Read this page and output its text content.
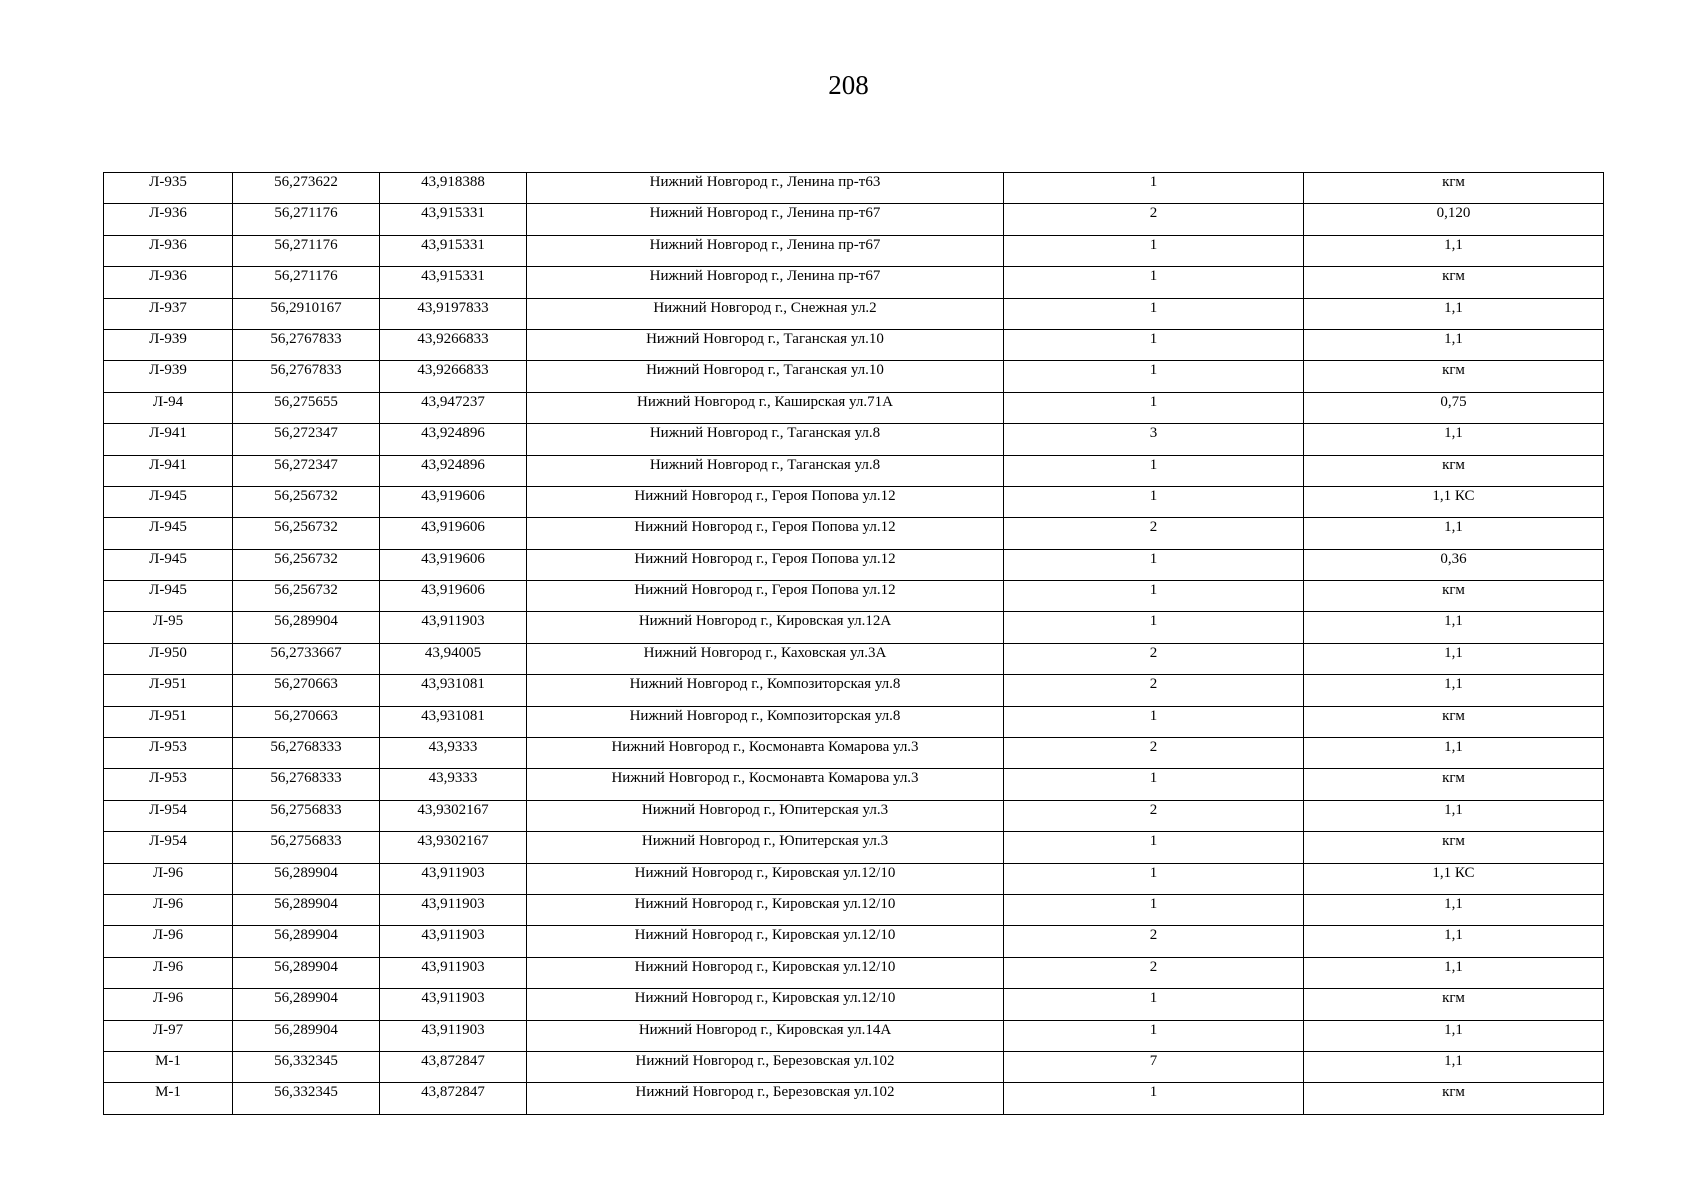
208
Л-935	56,273622	43,918388	Нижний Новгород г., Ленина пр-т63	1	кгм
Л-936	56,271176	43,915331	Нижний Новгород г., Ленина пр-т67	2	0,120
Л-936	56,271176	43,915331	Нижний Новгород г., Ленина пр-т67	1	1,1
Л-936	56,271176	43,915331	Нижний Новгород г., Ленина пр-т67	1	кгм
Л-937	56,2910167	43,9197833	Нижний Новгород г., Снежная ул.2	1	1,1
Л-939	56,2767833	43,9266833	Нижний Новгород г., Таганская ул.10	1	1,1
Л-939	56,2767833	43,9266833	Нижний Новгород г., Таганская ул.10	1	кгм
Л-94	56,275655	43,947237	Нижний Новгород г., Каширская ул.71А	1	0,75
Л-941	56,272347	43,924896	Нижний Новгород г., Таганская ул.8	3	1,1
Л-941	56,272347	43,924896	Нижний Новгород г., Таганская ул.8	1	кгм
Л-945	56,256732	43,919606	Нижний Новгород г., Героя Попова ул.12	1	1,1 КС
Л-945	56,256732	43,919606	Нижний Новгород г., Героя Попова ул.12	2	1,1
Л-945	56,256732	43,919606	Нижний Новгород г., Героя Попова ул.12	1	0,36
Л-945	56,256732	43,919606	Нижний Новгород г., Героя Попова ул.12	1	кгм
Л-95	56,289904	43,911903	Нижний Новгород г., Кировская ул.12А	1	1,1
Л-950	56,2733667	43,94005	Нижний Новгород г., Каховская ул.3А	2	1,1
Л-951	56,270663	43,931081	Нижний Новгород г., Композиторская ул.8	2	1,1
Л-951	56,270663	43,931081	Нижний Новгород г., Композиторская ул.8	1	кгм
Л-953	56,2768333	43,9333	Нижний Новгород г., Космонавта Комарова ул.3	2	1,1
Л-953	56,2768333	43,9333	Нижний Новгород г., Космонавта Комарова ул.3	1	кгм
Л-954	56,2756833	43,9302167	Нижний Новгород г., Юпитерская ул.3	2	1,1
Л-954	56,2756833	43,9302167	Нижний Новгород г., Юпитерская ул.3	1	кгм
Л-96	56,289904	43,911903	Нижний Новгород г., Кировская ул.12/10	1	1,1 КС
Л-96	56,289904	43,911903	Нижний Новгород г., Кировская ул.12/10	1	1,1
Л-96	56,289904	43,911903	Нижний Новгород г., Кировская ул.12/10	2	1,1
Л-96	56,289904	43,911903	Нижний Новгород г., Кировская ул.12/10	2	1,1
Л-96	56,289904	43,911903	Нижний Новгород г., Кировская ул.12/10	1	кгм
Л-97	56,289904	43,911903	Нижний Новгород г., Кировская ул.14А	1	1,1
М-1	56,332345	43,872847	Нижний Новгород г., Березовская ул.102	7	1,1
М-1	56,332345	43,872847	Нижний Новгород г., Березовская ул.102	1	кгм
